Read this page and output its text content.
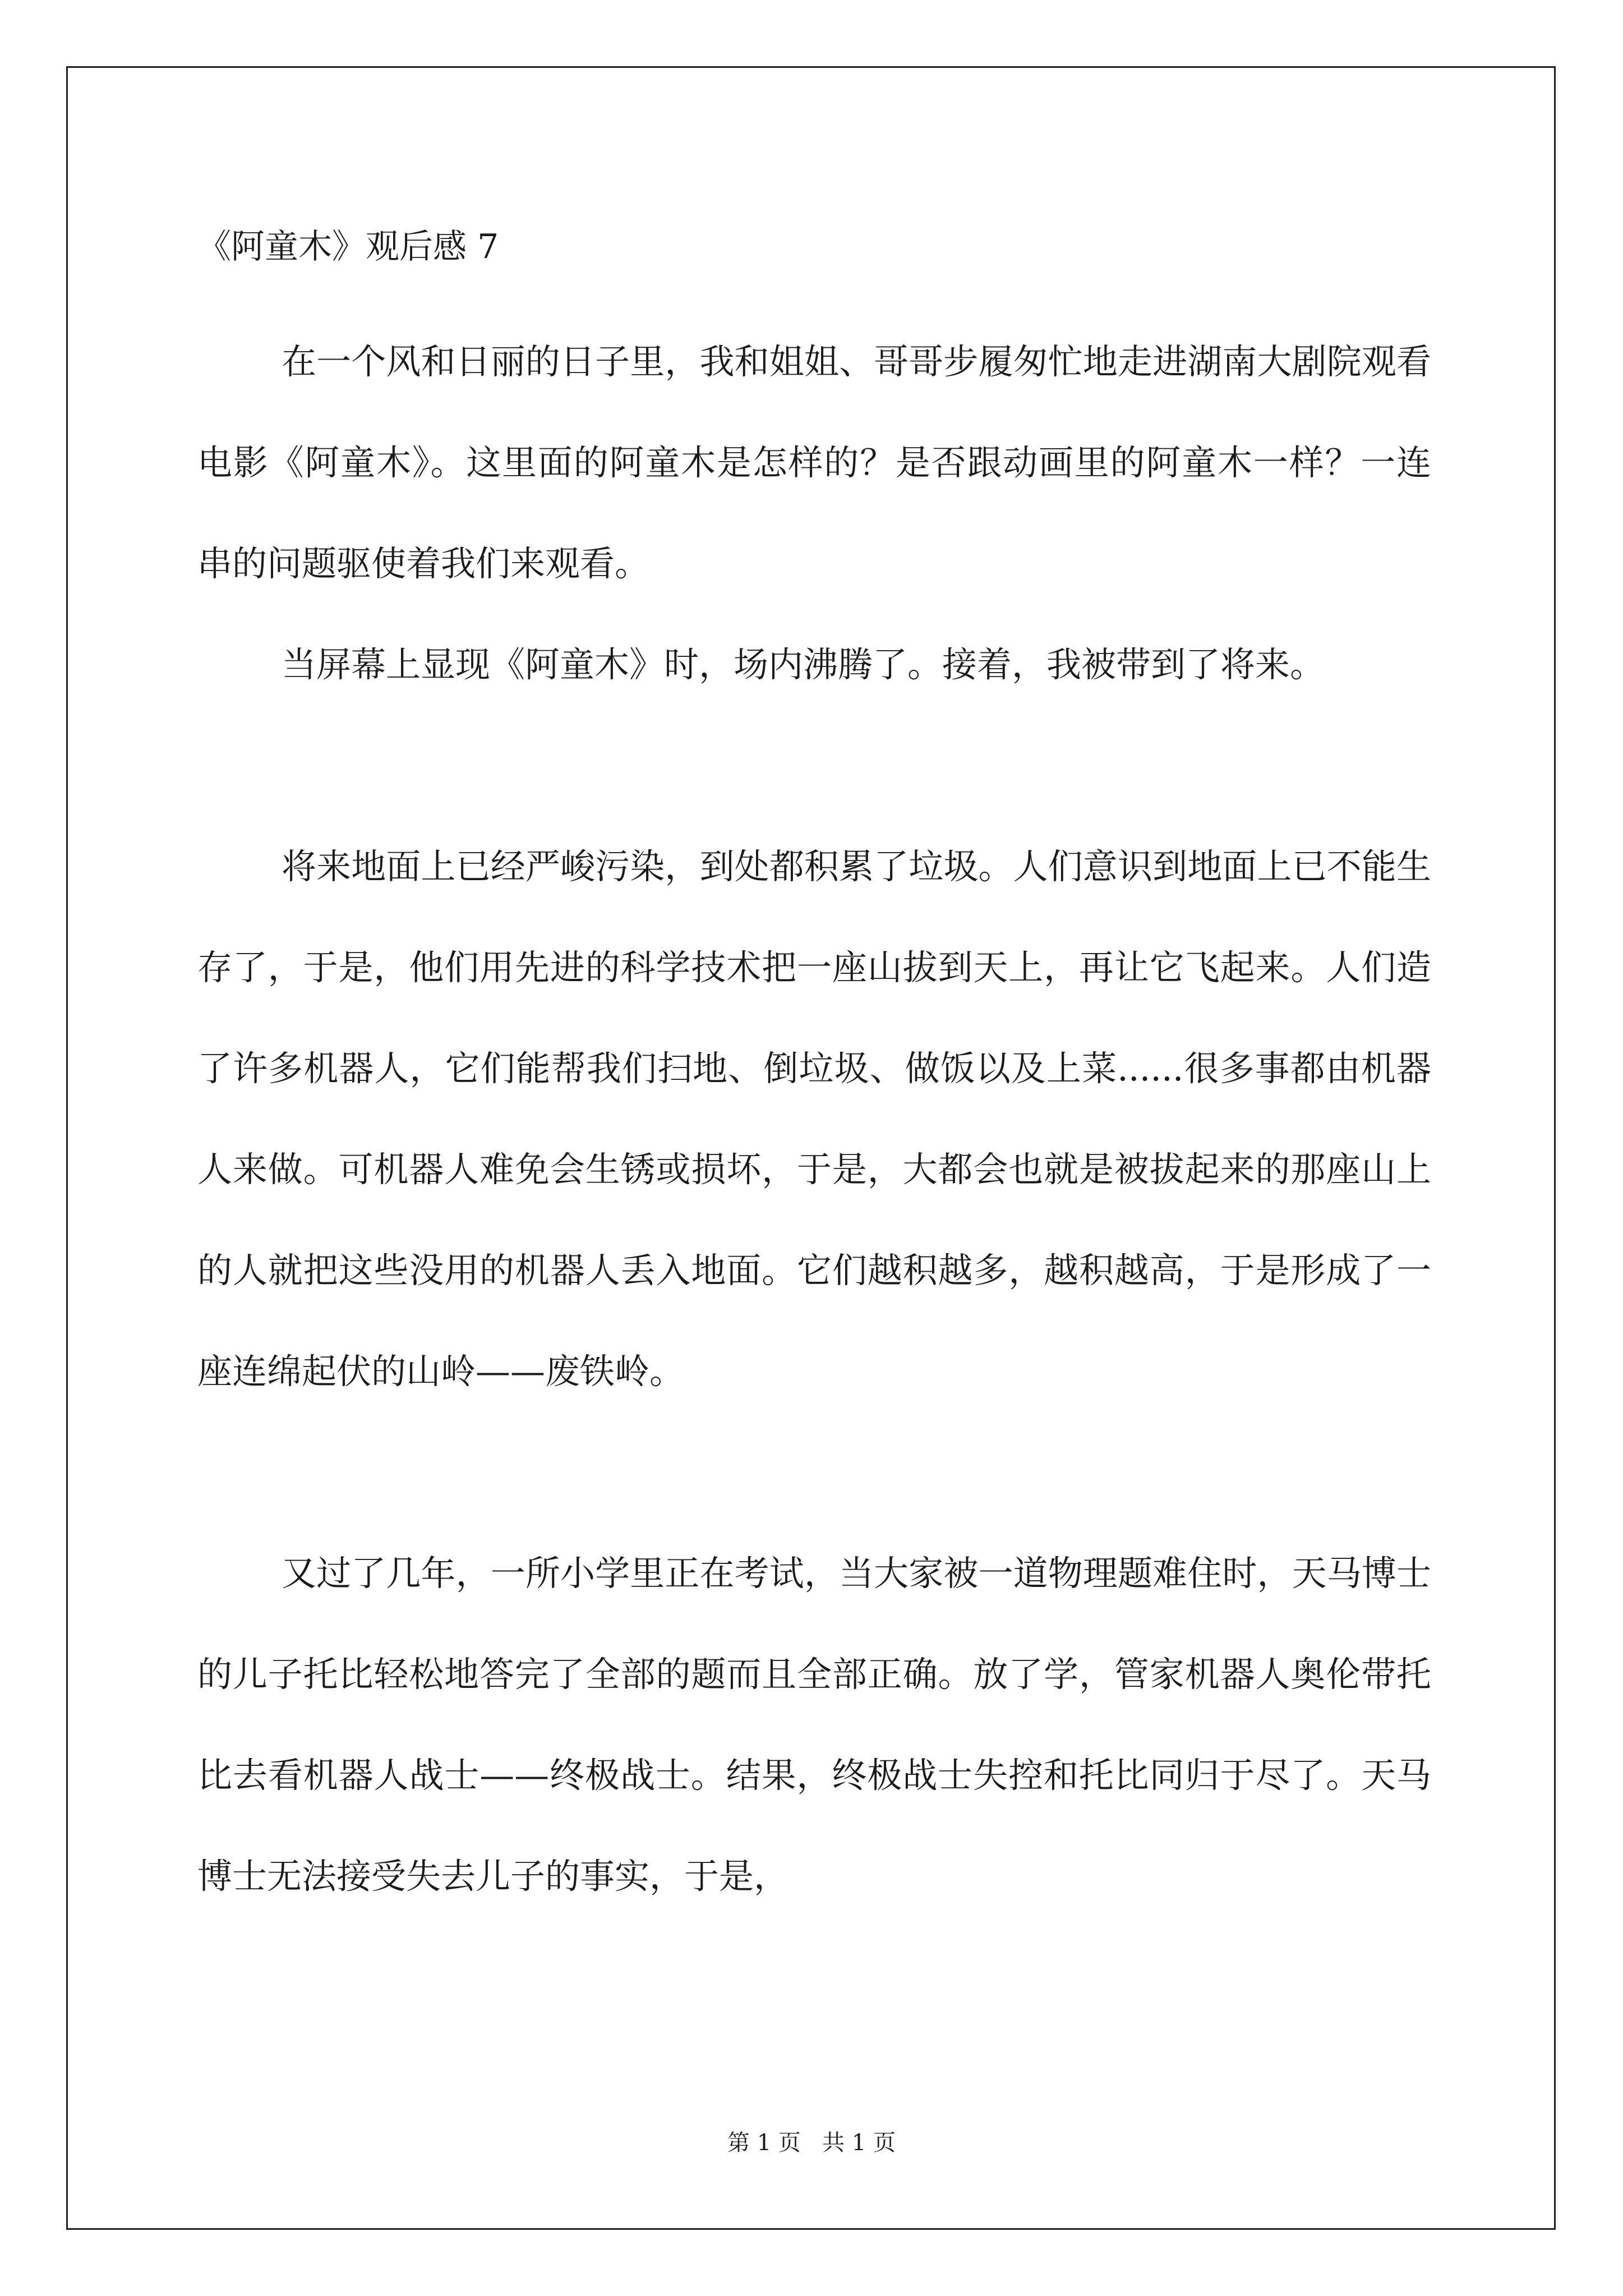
《阿童木》观后感 7

在一个风和日丽的日子里，我和姐姐、哥哥步履匆忙地走进湖南大剧院观看电影《阿童木》。这里面的阿童木是怎样的？是否跟动画里的阿童木一样？一连串的问题驱使着我们来观看。

当屏幕上显现《阿童木》时，场内沸腾了。接着，我被带到了将来。

将来地面上已经严峻污染，到处都积累了垃圾。人们意识到地面上已不能生存了，于是，他们用先进的科学技术把一座山拔到天上，再让它飞起来。人们造了许多机器人，它们能帮我们扫地、倒垃圾、做饭以及上菜......很多事都由机器人来做。可机器人难免会生锈或损坏，于是，大都会也就是被拔起来的那座山上的人就把这些没用的机器人丢入地面。它们越积越多，越积越高，于是形成了一座连绵起伏的山岭——废铁岭。

又过了几年，一所小学里正在考试，当大家被一道物理题难住时，天马博士的儿子托比轻松地答完了全部的题而且全部正确。放了学，管家机器人奥伦带托比去看机器人战士——终极战士。结果，终极战士失控和托比同归于尽了。天马博士无法接受失去儿子的事实，于是，

第 1 页   共 1 页
